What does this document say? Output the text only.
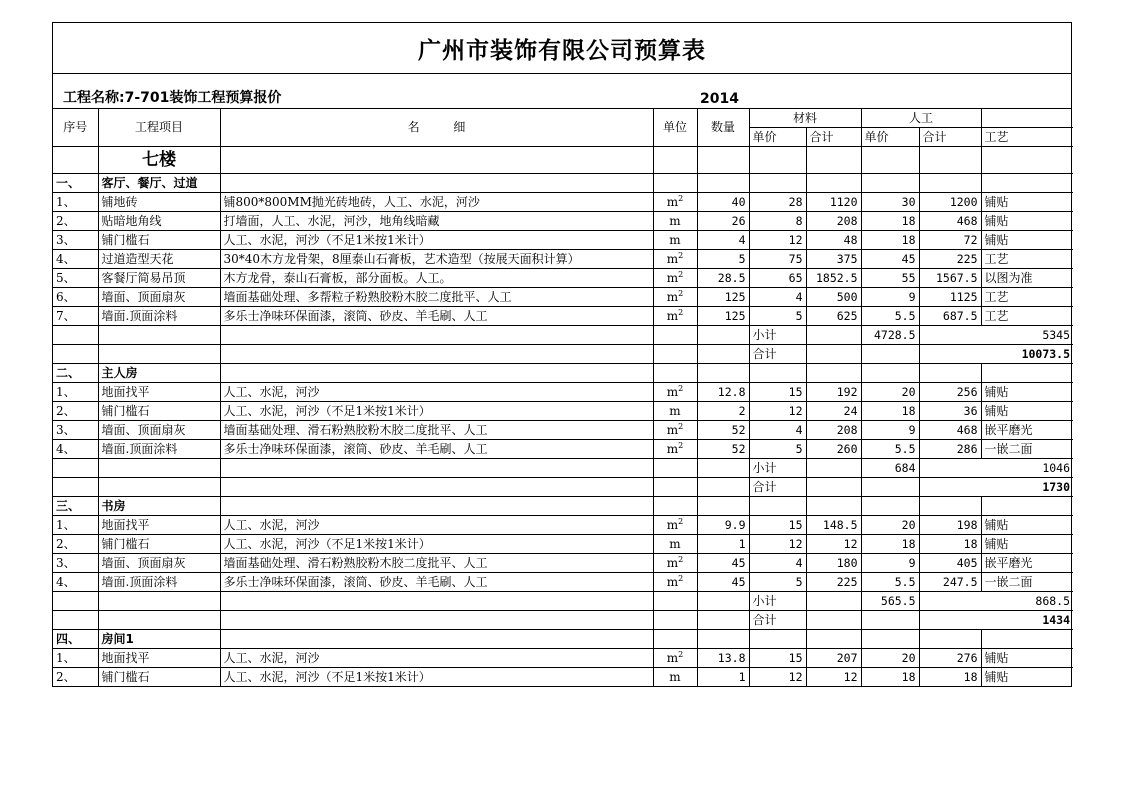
广州市装饰有限公司预算表
工程名称:7-701装饰工程预算报价	2014
序号	工程项目	名 细	单位	数量	材料		人工		
					单价	合计	单价	合计	工艺
	七楼								
一、	客厅、餐厅、过道								
1、	铺地砖	铺800*800MM抛光砖地砖，人工、水泥，河沙	$m^2$	40	28	1120	30	1200	铺贴
2、	贴暗地角线	打墙面，人工、水泥，河沙，地角线暗藏	m	26	8	208	18	468	铺贴
3、	铺门槛石	人工、水泥，河沙（不足1米按1米计）	m	4	12	48	18	72	铺贴
4、	过道造型天花	30*40木方龙骨架，8厘泰山石膏板，艺术造型（按展天面积计算）	$m^2$	5	75	375	45	225	工艺
5、	客餐厅简易吊顶	木方龙骨，泰山石膏板，部分面板。人工。	$m^2$	28.5	65	1852.5	55	1567.5	以图为准
6、	墙面、顶面扇灰	墙面基础处理、多帮粒子粉熟胶粉木胶二度批平、人工	$m^2$	125	4	500	9	1125	工艺
7、	墙面.顶面涂料	多乐士净味环保面漆，滚筒、砂皮、羊毛刷、人工	$m^2$	125	5	625	5.5	687.5	工艺
					小计		4728.5	5345	
					合计			10073.5	
二、	主人房								
1、	地面找平	人工、水泥，河沙	$m^2$	12.8	15	192	20	256	铺贴
2、	铺门槛石	人工、水泥，河沙（不足1米按1米计）	m	2	12	24	18	36	铺贴
3、	墙面、顶面扇灰	墙面基础处理、滑石粉熟胶粉木胶二度批平、人工	$m^2$	52	4	208	9	468	嵌平磨光
4、	墙面.顶面涂料	多乐士净味环保面漆，滚筒、砂皮、羊毛刷、人工	$m^2$	52	5	260	5.5	286	一嵌二面
					小计		684	1046	
					合计			1730	
三、	书房								
1、	地面找平	人工、水泥，河沙	$m^2$	9.9	15	148.5	20	198	铺贴
2、	铺门槛石	人工、水泥，河沙（不足1米按1米计）	m	1	12	12	18	18	铺贴
3、	墙面、顶面扇灰	墙面基础处理、滑石粉熟胶粉木胶二度批平、人工	$m^2$	45	4	180	9	405	嵌平磨光
4、	墙面.顶面涂料	多乐士净味环保面漆，滚筒、砂皮、羊毛刷、人工	$m^2$	45	5	225	5.5	247.5	一嵌二面
					小计		565.5	868.5	
					合计			1434	
四、	房间1								
1、	地面找平	人工、水泥，河沙	$m^2$	13.8	15	207	20	276	铺贴
2、	铺门槛石	人工、水泥，河沙（不足1米按1米计）	m	1	12	12	18	18	铺贴
